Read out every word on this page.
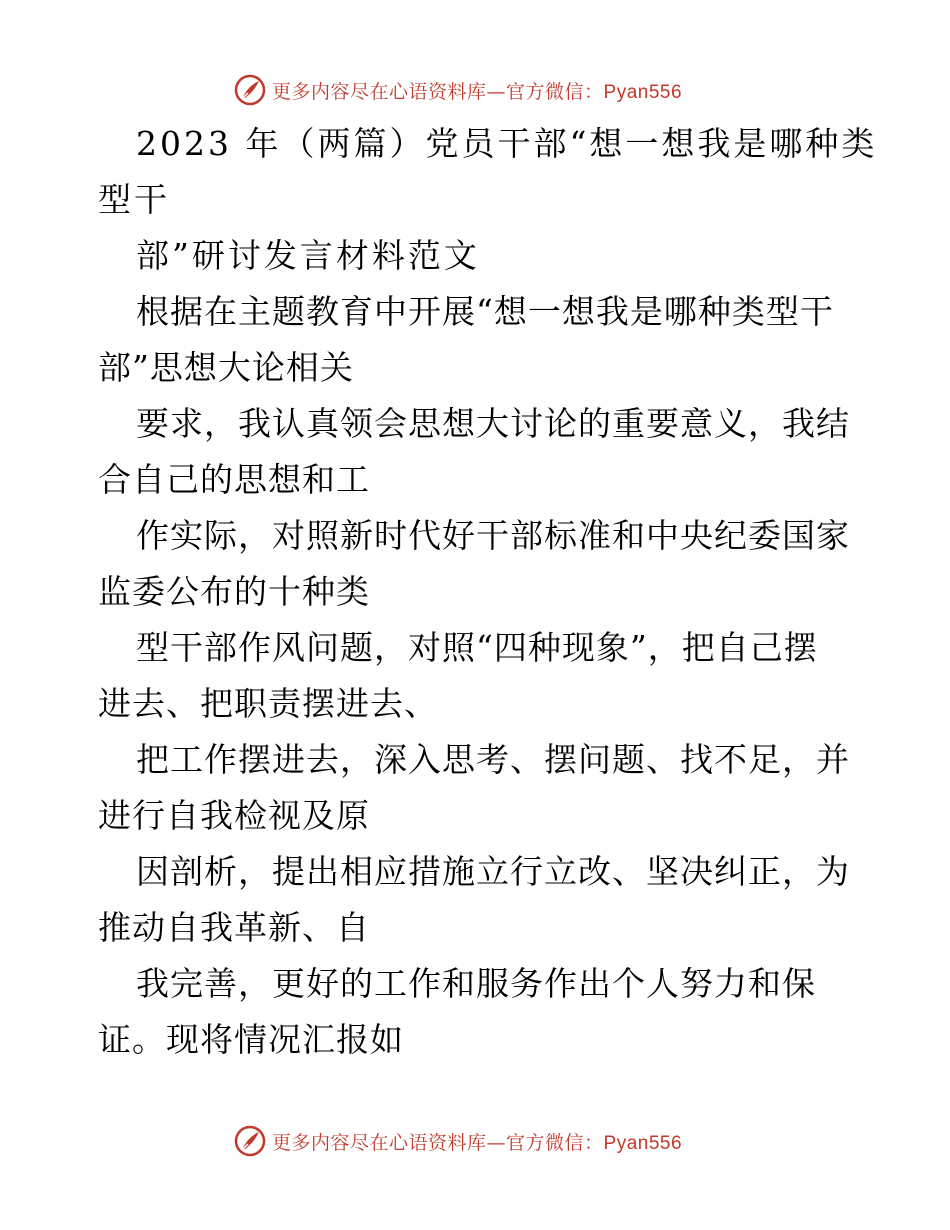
更多内容尽在心语资料库—官方微信：Pyan556
2023 年（两篇）党员干部“想一想我是哪种类
型干
部”研讨发言材料范文
根据在主题教育中开展“想一想我是哪种类型干
部”思想大论相关
要求，我认真领会思想大讨论的重要意义，我结
合自己的思想和工
作实际，对照新时代好干部标准和中央纪委国家
监委公布的十种类
型干部作风问题，对照“四种现象”，把自己摆
进去、把职责摆进去、
把工作摆进去，深入思考、摆问题、找不足，并
进行自我检视及原
因剖析，提出相应措施立行立改、坚决纠正，为
推动自我革新、自
我完善，更好的工作和服务作出个人努力和保
证。现将情况汇报如
更多内容尽在心语资料库—官方微信：Pyan556
